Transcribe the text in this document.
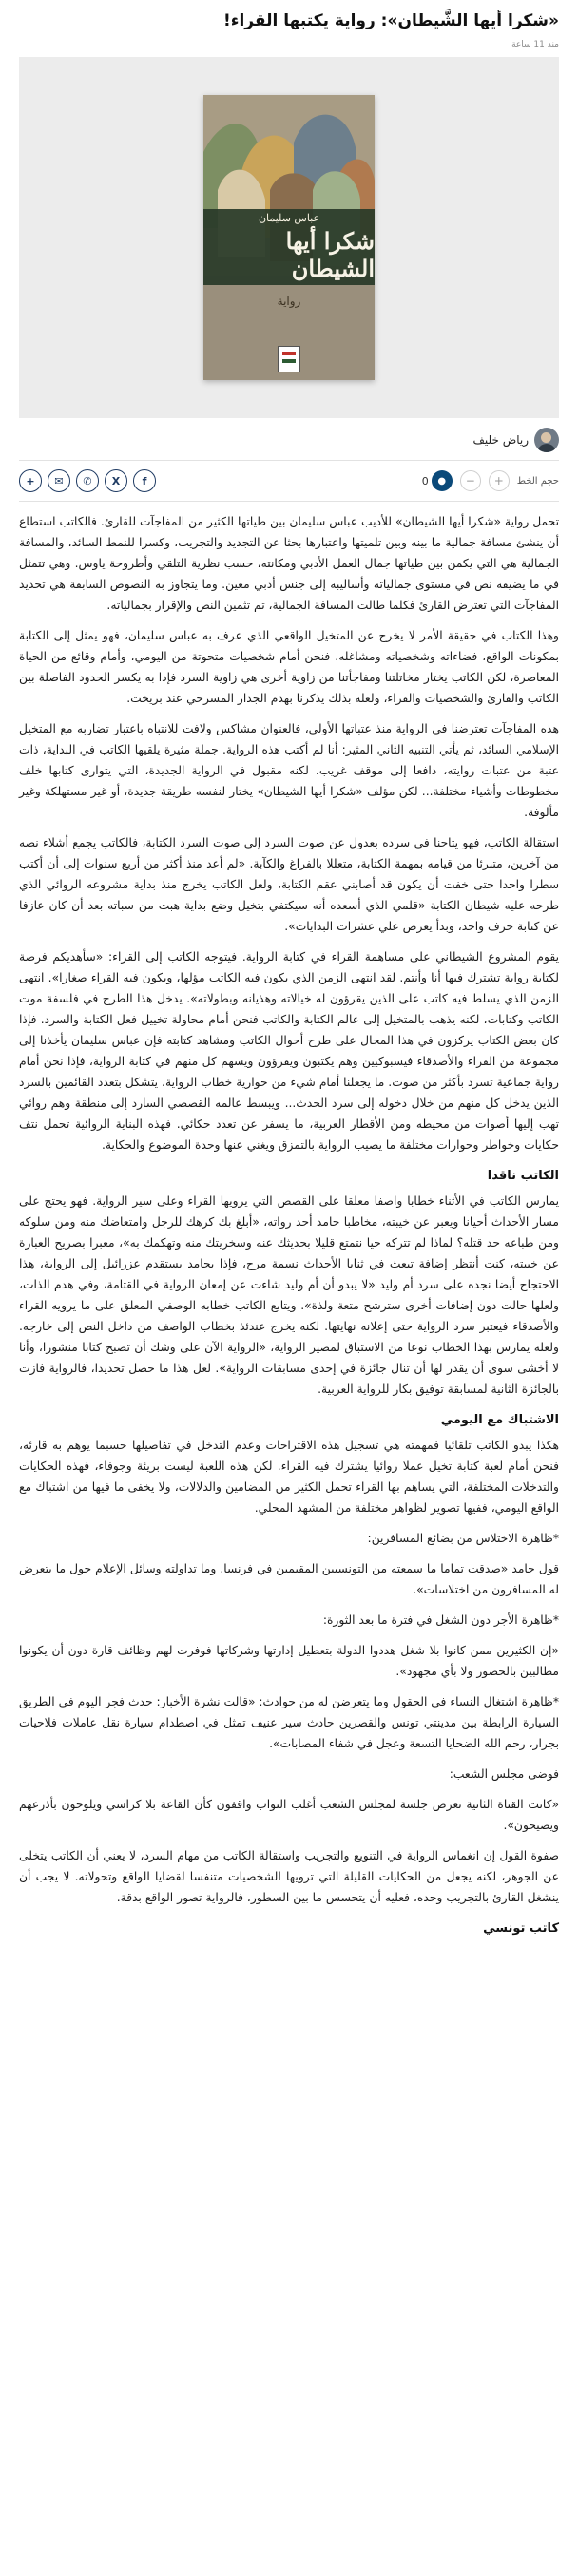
«شكرا أيها الشَّيطان»: رواية يكتبها القراء!
منذ 11 ساعة
عباس سليمان
شكرا أيها الشيطان
رواية
رياض خليف
حجم الخط
+
−
●
0
f
X
✆
✉
+

تحمل رواية «شكرا أيها الشيطان» للأديب عباس سليمان بين طياتها الكثير من المفاجآت للقارئ. فالكاتب استطاع أن ينشئ مسافة جمالية ما بينه وبين تلميتها واعتبارها بحثا عن التجديد والتجريب، وكسرا للنمط السائد، والمسافة الجمالية هي التي يكمن بين طياتها جمال العمل الأدبي ومكانته، حسب نظرية التلقي وأطروحة ياوس. وهي تتمثل في ما يضيفه نص في مستوى جمالياته وأساليبه إلى جنس أدبي معين. وما يتجاوز به النصوص السابقة هي تحديد المفاجآت التي تعترض القارئ فكلما طالت المسافة الجمالية، تم تثمين النص والإقرار بجمالياته.

وهذا الكتاب في حقيقة الأمر لا يخرج عن المتخيل الواقعي الذي عرف به عباس سليمان، فهو يمثل إلى الكتابة بمكونات الواقع، فضاءاته وشخصياته ومشاغله. فنحن أمام شخصيات متحوتة من اليومي، وأمام وقائع من الحياة المعاصرة، لكن الكاتب يختار مخاتلتنا ومفاجأتنا من زاوية أخرى هي زاوية السرد فإذا به يكسر الحدود الفاصلة بين الكاتب والقارئ والشخصيات والقراء، ولعله بذلك يذكرنا بهدم الجدار المسرحي عند بريخت.

هذه المفاجآت تعترضنا في الرواية منذ عتباتها الأولى، فالعنوان مشاكس ولافت للانتباه باعتبار تضاربه مع المتخيل الإسلامي السائد، ثم يأتي التنبيه الثاني المثير: أنا لم أكتب هذه الرواية. جملة مثيرة يلقيها الكاتب في البداية، ذات عتبة من عتبات روايته، دافعا إلى موقف غريب. لكنه مقبول في الرواية الجديدة، التي يتوارى كتابها خلف مخطوطات وأشياء مختلفة... لكن مؤلف «شكرا أيها الشيطان» يختار لنفسه طريقة جديدة، أو غير مستهلكة وغير مألوفة.

استقالة الكاتب، فهو يتاحنا في سرده بعدول عن صوت السرد إلى صوت السرد الكتابة، فالكاتب يجمع أشلاء نصه من آخرين، متبرئا من قيامه بمهمة الكتابة، متعللا بالفراغ والكآبة. «لم أعد منذ أكثر من أربع سنوات إلى أن أكتب سطرا واحدا حتى خفت أن يكون قد أصابني عقم الكتابة، ولعل الكاتب يخرج منذ بداية مشروعه الروائي الذي طرحه عليه شيطان الكتابة «قلمي الذي أسعده أنه سيكتفي بتخيل وضع بداية هبت من سباته بعد أن كان عازفا عن كتابة حرف واحد، وبدأ يعرض علي عشرات البدايات».

يقوم المشروع الشيطاني على مساهمة القراء في كتابة الرواية. فيتوجه الكاتب إلى القراء: «سأهديكم فرصة لكتابة رواية تشترك فيها أنا وأنتم. لقد انتهى الزمن الذي يكون فيه الكاتب مؤلها، ويكون فيه القراء صغارا». انتهى الزمن الذي يسلط فيه كاتب على الذين يقرؤون له خيالاته وهذيانه وبطولاته». يدخل هذا الطرح في فلسفة موت الكاتب وكتابات، لكنه يذهب بالمتخيل إلى عالم الكتابة والكاتب فنحن أمام محاولة تخييل فعل الكتابة والسرد. فإذا كان بعض الكتاب يركزون في هذا المجال على طرح أحوال الكاتب ومشاهد كتابته فإن عباس سليمان يأخذنا إلى مجموعة من القراء والأصدقاء فيسبوكيين وهم يكتبون ويقرؤون ويسهم كل منهم في كتابة الرواية، فإذا نحن أمام رواية جماعية تسرد بأكثر من صوت. ما يجعلنا أمام شيء من حوارية خطاب الرواية، يتشكل بتعدد القائمين بالسرد الذين يدخل كل منهم من خلال دخوله إلى سرد الحدث... ويبسط عالمه القصصي السارد إلى منطقة وهم روائي تهب إليها أصوات من محيطه ومن الأقطار العربية، ما يسفر عن تعدد حكائي. فهذه البناية الروائية تحمل نتف حكايات وخواطر وحوارات مختلفة ما يصيب الرواية بالتمزق ويغني عنها وحدة الموضوع والحكاية.

الكاتب ناقدا

يمارس الكاتب في الأثناء خطابا واصفا معلقا على القصص التي يرويها القراء وعلى سير الرواية. فهو يحتج على مسار الأحداث أحيانا ويعبر عن خيبته، مخاطبا حامد أحد رواته، «أبلغ بك كرهك للرجل وامتعاضك منه ومن سلوكه ومن طباعه حد قتله؟ لماذا لم تتركه حيا نتمتع قليلا بحديثك عنه وسخريتك منه وتهكمك به»، معبرا بصريح العبارة عن خيبته، كنت أنتظر إضافة تبعث في ثنايا الأحداث نسمة مرح، فإذا بحامد يستقدم عزرائيل إلى الرواية، هذا الاحتجاج أيضا نجده على سرد أم وليد «لا يبدو أن أم وليد شاءت عن إمعان الرواية في القتامة، وفي هدم الذات، ولعلها حالت دون إضافات أخرى سترشح متعة ولذة». ويتابع الكاتب خطابه الوصفي المعلق على ما يرويه القراء والأصدقاء فيعتبر سرد الرواية حتى إعلانه نهايتها. لكنه يخرج عندئذ بخطاب الواصف من داخل النص إلى خارجه. ولعله يمارس بهذا الخطاب نوعا من الاستباق لمصير الرواية، «الرواية الآن على وشك أن تصبح كتابا منشورا، وأنا لا أخشى سوى أن يقدر لها أن تنال جائزة في إحدى مسابقات الرواية». لعل هذا ما حصل تحديدا، فالرواية فازت بالجائزة الثانية لمسابقة توفيق بكار للرواية العربية.

الاشتباك مع اليومي

هكذا يبدو الكاتب تلقائيا فمهمته هي تسجيل هذه الاقتراحات وعدم التدخل في تفاصيلها حسبما يوهم به قارئه، فنحن أمام لعبة كتابة تخيل عملا روائيا يشترك فيه القراء. لكن هذه اللعبة ليست بريئة وجوفاء، فهذه الحكايات والتدخلات المختلفة، التي يساهم بها القراء تحمل الكثير من المضامين والدلالات، ولا يخفى ما فيها من اشتباك مع الواقع اليومي، ففيها تصوير لظواهر مختلفة من المشهد المحلي.

*ظاهرة الاختلاس من بضائع المسافرين:

قول حامد «صدقت تماما ما سمعته من التونسيين المقيمين في فرنسا. وما تداولته وسائل الإعلام حول ما يتعرض له المسافرون من اختلاسات».

*ظاهرة الأجر دون الشغل في فترة ما بعد الثورة:

«إن الكثيرين ممن كانوا بلا شغل هددوا الدولة بتعطيل إدارتها وشركاتها فوفرت لهم وظائف قارة دون أن يكونوا مطالبين بالحضور ولا بأي مجهود».

*ظاهرة اشتغال النساء في الحقول وما يتعرضن له من حوادث: «قالت نشرة الأخبار: حدث فجر اليوم في الطريق السيارة الرابطة بين مدينتي تونس والقصرين حادث سير عنيف تمثل في اصطدام سيارة نقل عاملات فلاحيات بجرار، رحم الله الضحايا التسعة وعجل في شفاء المصابات».

فوضى مجلس الشعب:

«كانت القناة الثانية تعرض جلسة لمجلس الشعب أغلب النواب واقفون كأن القاعة بلا كراسي ويلوحون بأذرعهم ويصيحون».

صفوة القول إن انغماس الرواية في التنويع والتجريب واستقالة الكاتب من مهام السرد، لا يعني أن الكاتب يتخلى عن الجوهر، لكنه يجعل من الحكايات القليلة التي ترويها الشخصيات متنفسا لقضايا الواقع وتحولاته. لا يجب أن ينشغل القارئ بالتجريب وحده، فعليه أن يتحسس ما بين السطور، فالرواية تصور الواقع بدقة.

كاتب تونسي
